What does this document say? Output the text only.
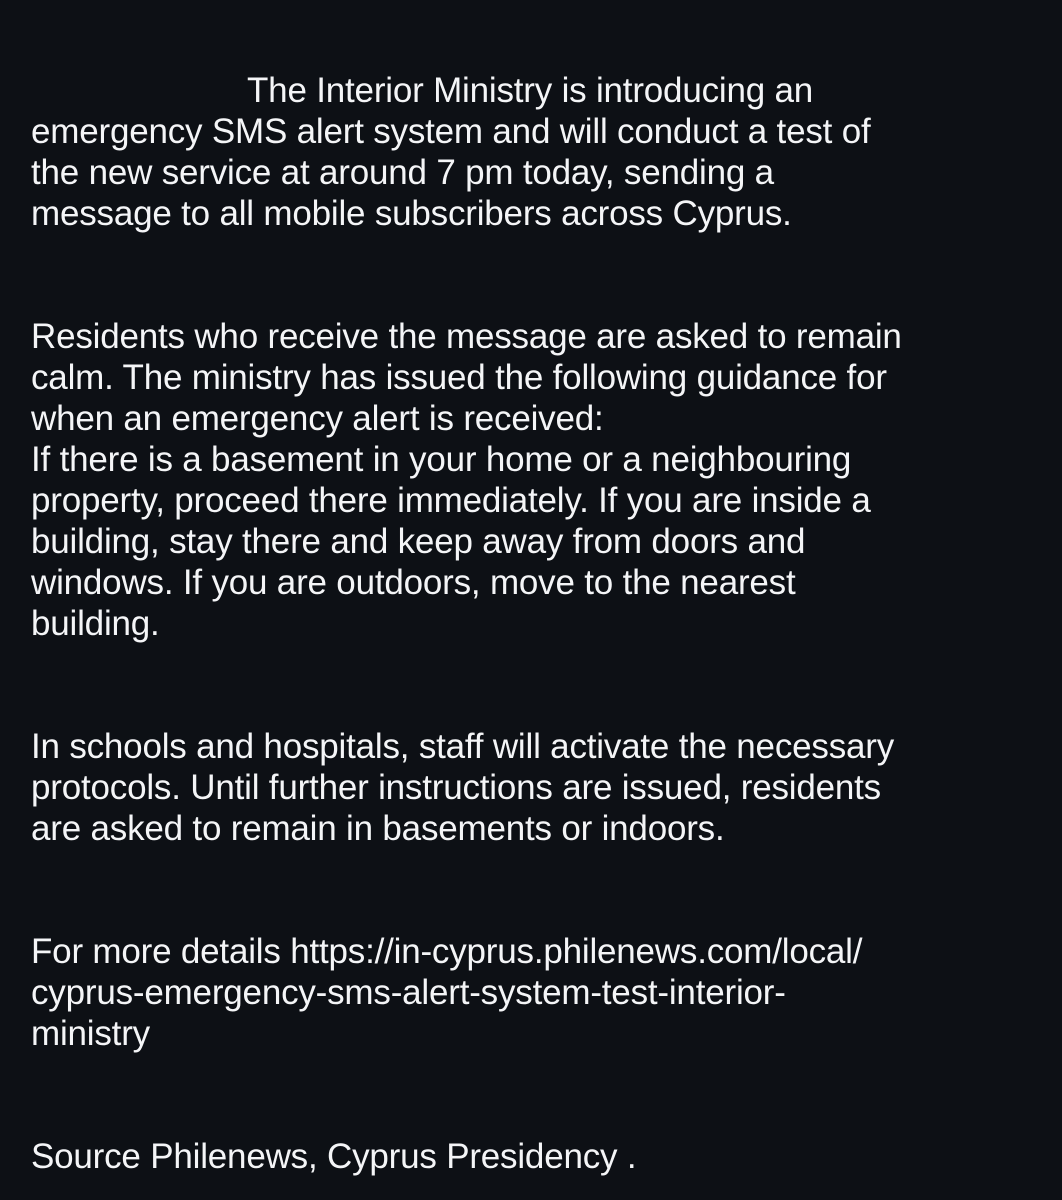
The Interior Ministry is introducing an
emergency SMS alert system and will conduct a test of
the new service at around 7 pm today, sending a
message to all mobile subscribers across Cyprus.
Residents who receive the message are asked to remain
calm. The ministry has issued the following guidance for
when an emergency alert is received:
If there is a basement in your home or a neighbouring
property, proceed there immediately. If you are inside a
building, stay there and keep away from doors and
windows. If you are outdoors, move to the nearest
building.
In schools and hospitals, staff will activate the necessary
protocols. Until further instructions are issued, residents
are asked to remain in basements or indoors.
For more details https://in-cyprus.philenews.com/local/
cyprus-emergency-sms-alert-system-test-interior-
ministry
Source Philenews, Cyprus Presidency .
